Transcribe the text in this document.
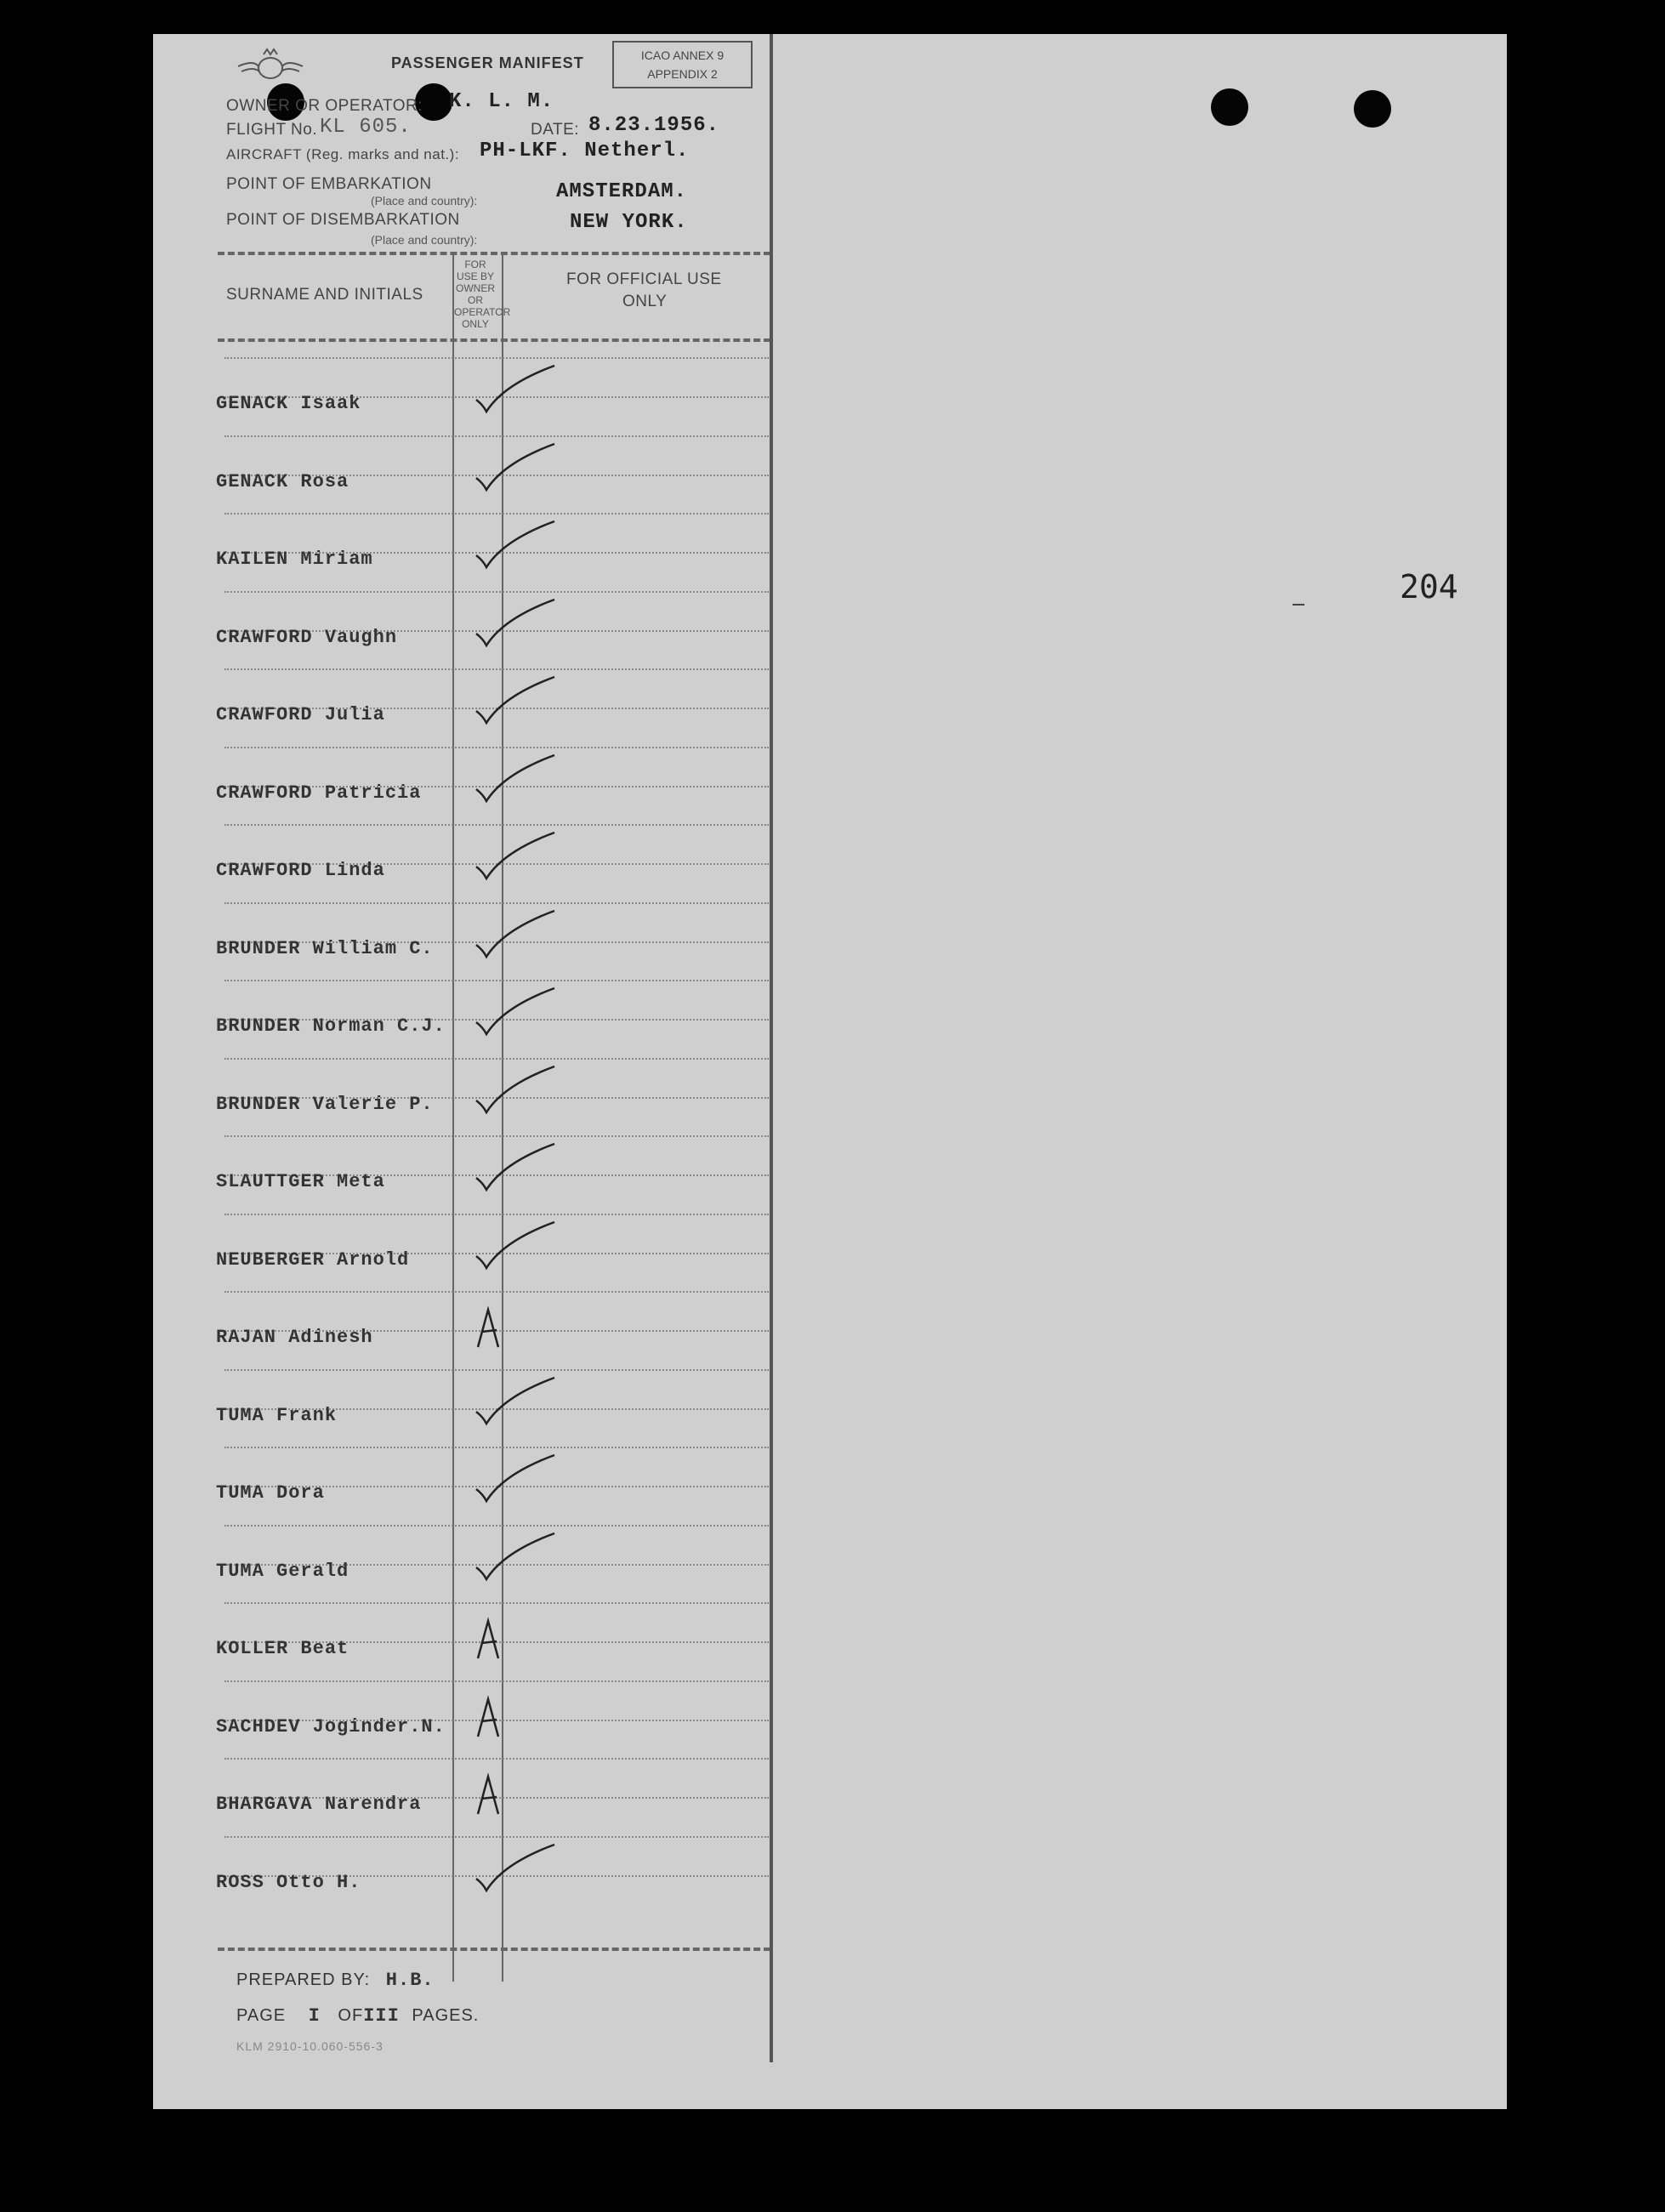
PASSENGER MANIFEST	ICAO ANNEX 9
APPENDIX 2
OWNER OR OPERATOR: K. L. M.
FLIGHT No. KL 605.	DATE: 8.23.1956.
AIRCRAFT (Reg. marks and nat.): PH-LKF. Netherl.
POINT OF EMBARKATION
(Place and country):	AMSTERDAM.
POINT OF DISEMBARKATION
(Place and country):
NEW YORK.
SURNAME AND INITIALS
FOR USE BY OWNER OR OPERATOR ONLY
FOR OFFICIAL USE
ONLY
GENACK Isaak
GENACK Rosa
KAILEN Miriam
CRAWFORD Vaughn
CRAWFORD Julia
CRAWFORD Patricia
CRAWFORD Linda
BRUNDER William C.
BRUNDER Norman C.J.
BRUNDER Valerie P.
SLAUTTGER Meta
NEUBERGER Arnold
RAJAN Adinesh
TUMA Frank
TUMA Dora
TUMA Gerald
KOLLER Beat
SACHDEV Joginder.N.
BHARGAVA Narendra
ROSS Otto H.
PREPARED BY: H.B.
PAGE I OFIII PAGES.
KLM 2910-10.060-556-3
204
